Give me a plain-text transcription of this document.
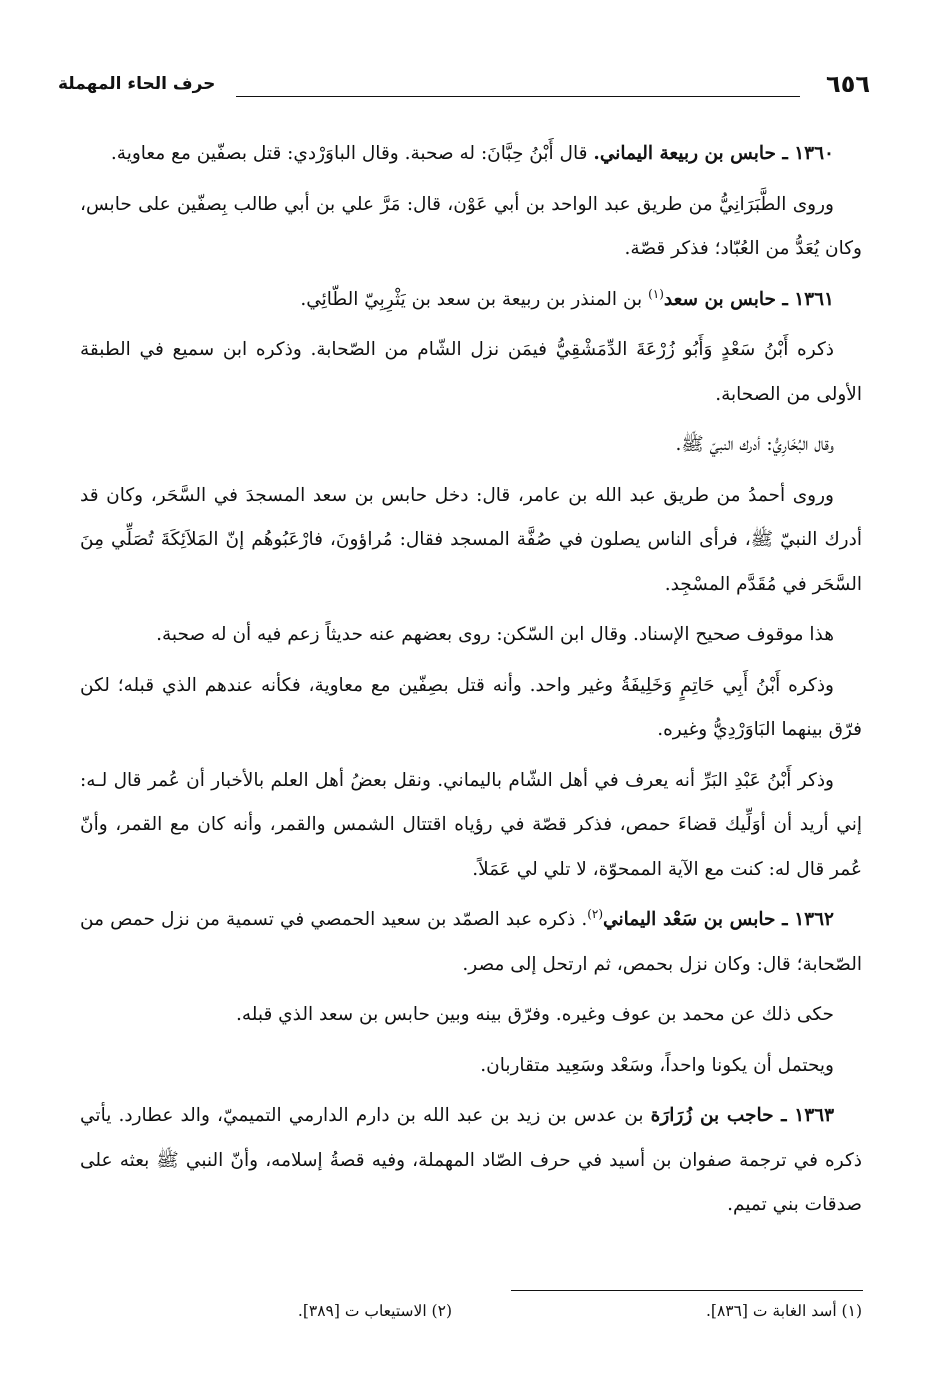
٦٥٦
حرف الحاء المهملة

١٣٦٠ ـ حابس بن ربيعة اليماني. قال أَبْنُ حِبَّانَ: له صحبة. وقال الباوَرْدي: قتل بصفّين مع معاوية.

وروى الطَّبَرَانِيُّ من طريق عبد الواحد بن أبي عَوْن، قال: مَرَّ علي بن أبي طالب بِصفّين على حابس، وكان يُعَدُّ من العُبّاد؛ فذكر قصّة.

١٣٦١ ـ حابس بن سعد$^{(١)}$ بن المنذر بن ربيعة بن سعد بن يَثْرِبِيّ الطّائِي.

ذكره أَبْنُ سَعْدٍ وَأَبُو زُرْعَةَ الدِّمَشْقِيُّ فيمَن نزل الشّام من الصّحابة. وذكره ابن سميع في الطبقة الأولى من الصحابة.

وقال البُخَارِيُّ: أدرك النبيّ ﷺ.

وروى أحمدُ من طريق عبد الله بن عامر، قال: دخل حابس بن سعد المسجدَ في السَّحَر، وكان قد أدرك النبيّ ﷺ، فرأى الناس يصلون في صُفَّة المسجد فقال: مُراؤونَ، فارْعَبُوهُم إنّ المَلاَئِكَةَ تُصَلِّي مِنَ السَّحَر في مُقَدَّم المسْجِد.

هذا موقوف صحيح الإسناد. وقال ابن السّكن: روى بعضهم عنه حديثاً زعم فيه أن له صحبة.

وذكره أَبْنُ أَبِي حَاتِمٍ وَخَلِيفَةُ وغير واحد. وأنه قتل بصِفّين مع معاوية، فكأنه عندهم الذي قبله؛ لكن فرّق بينهما البَاوَرْدِيُّ وغيره.

وذكر أَبْنُ عَبْدِ البَرِّ أنه يعرف في أهل الشّام باليماني. ونقل بعضُ أهل العلم بالأخبار أن عُمر قال لـه: إني أريد أن أوَلِّيك قضاءَ حمص، فذكر قصّة في رؤياه اقتتال الشمس والقمر، وأنه كان مع القمر، وأنّ عُمر قال له: كنت مع الآية الممحوّة، لا تلي لي عَمَلاً.

١٣٦٢ ـ حابس بن سَعْد اليماني$^{(٢)}$. ذكره عبد الصمّد بن سعيد الحمصي في تسمية من نزل حمص من الصّحابة؛ قال: وكان نزل بحمص، ثم ارتحل إلى مصر.

حكى ذلك عن محمد بن عوف وغيره. وفرّق بينه وبين حابس بن سعد الذي قبله.

ويحتمل أن يكونا واحداً، وسَعْد وسَعِيد متقاربان.

١٣٦٣ ـ حاجب بن زُرَارَة بن عدس بن زيد بن عبد الله بن دارم الدارمي التميميّ، والد عطارد. يأتي ذكره في ترجمة صفوان بن أسيد في حرف الصّاد المهملة، وفيه قصةُ إسلامه، وأنّ النبي ﷺ بعثه على صدقات بني تميم.

(١) أسد الغابة ت [٨٣٦].
(٢) الاستيعاب ت [٣٨٩].
